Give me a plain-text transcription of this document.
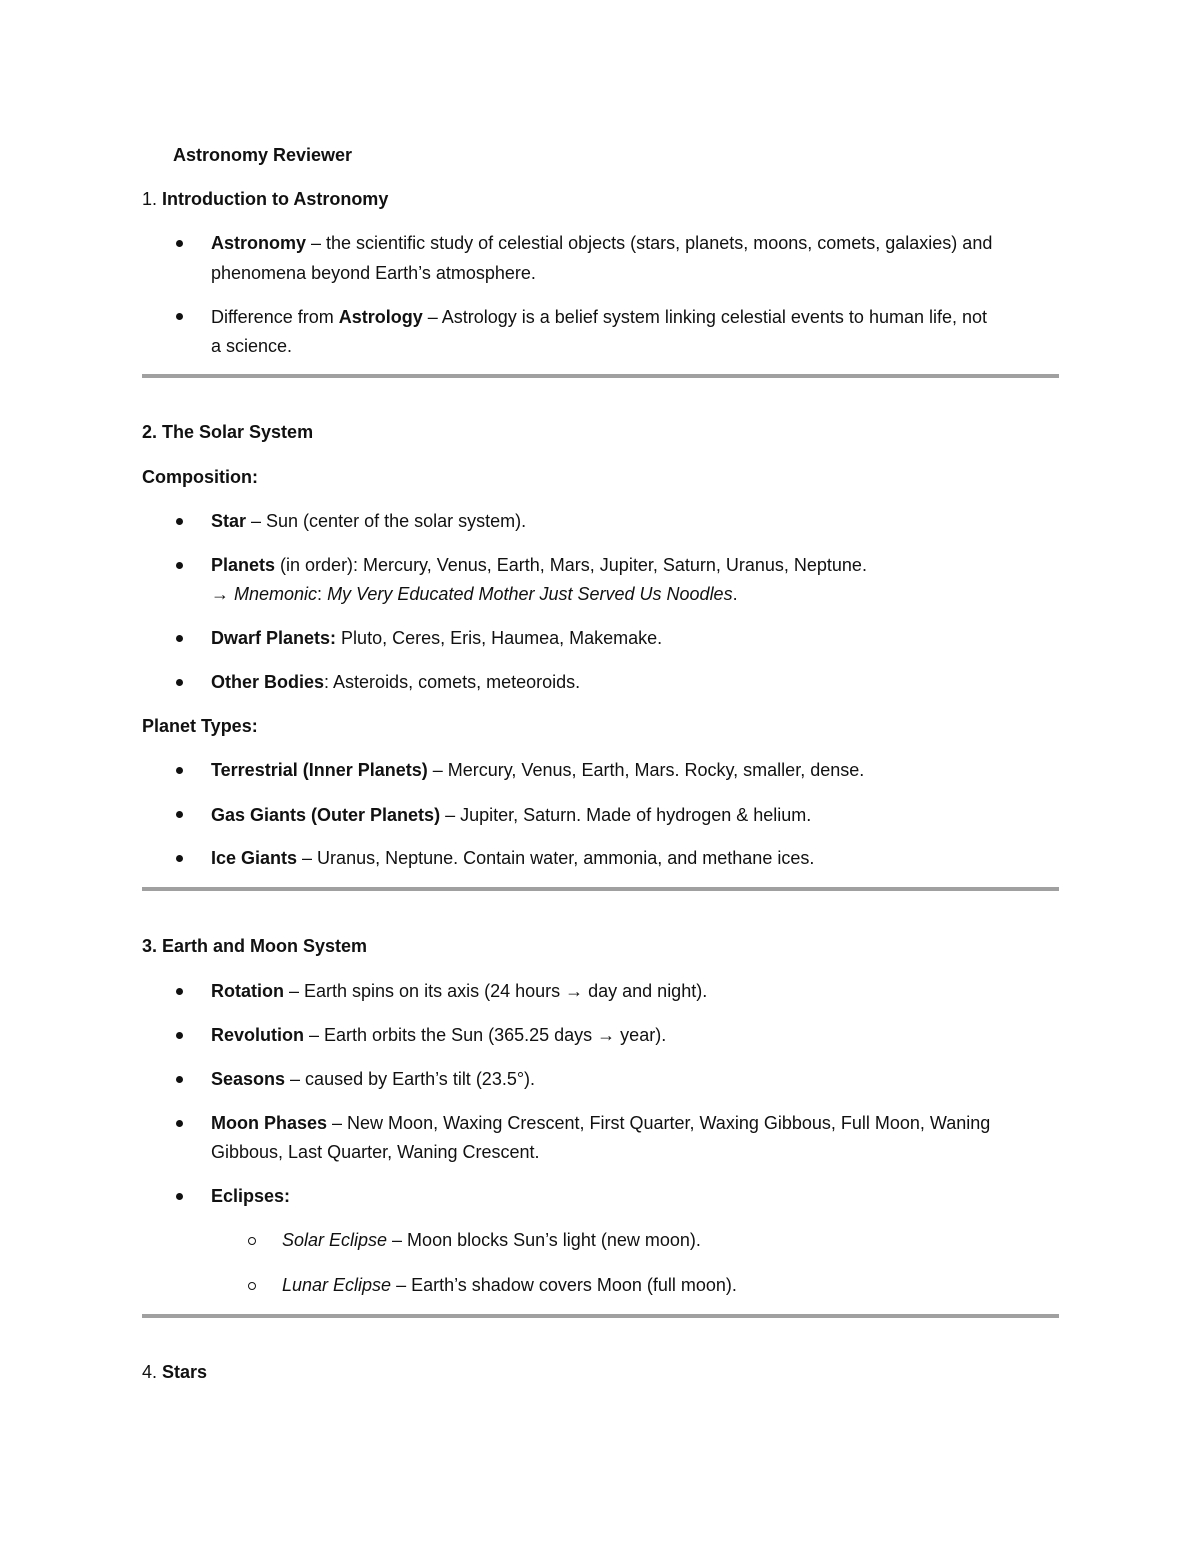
Astronomy Reviewer
1. Introduction to Astronomy
Astronomy – the scientific study of celestial objects (stars, planets, moons, comets, galaxies) and
phenomena beyond Earth’s atmosphere.
Difference from Astrology – Astrology is a belief system linking celestial events to human life, not
a science.
2. The Solar System
Composition:
Star – Sun (center of the solar system).
Planets (in order): Mercury, Venus, Earth, Mars, Jupiter, Saturn, Uranus, Neptune.
→ Mnemonic: My Very Educated Mother Just Served Us Noodles.
Dwarf Planets: Pluto, Ceres, Eris, Haumea, Makemake.
Other Bodies: Asteroids, comets, meteoroids.
Planet Types:
Terrestrial (Inner Planets) – Mercury, Venus, Earth, Mars. Rocky, smaller, dense.
Gas Giants (Outer Planets) – Jupiter, Saturn. Made of hydrogen & helium.
Ice Giants – Uranus, Neptune. Contain water, ammonia, and methane ices.
3. Earth and Moon System
Rotation – Earth spins on its axis (24 hours → day and night).
Revolution – Earth orbits the Sun (365.25 days → year).
Seasons – caused by Earth’s tilt (23.5°).
Moon Phases – New Moon, Waxing Crescent, First Quarter, Waxing Gibbous, Full Moon, Waning
Gibbous, Last Quarter, Waning Crescent.
Eclipses:
Solar Eclipse – Moon blocks Sun’s light (new moon).
Lunar Eclipse – Earth’s shadow covers Moon (full moon).
4. Stars
